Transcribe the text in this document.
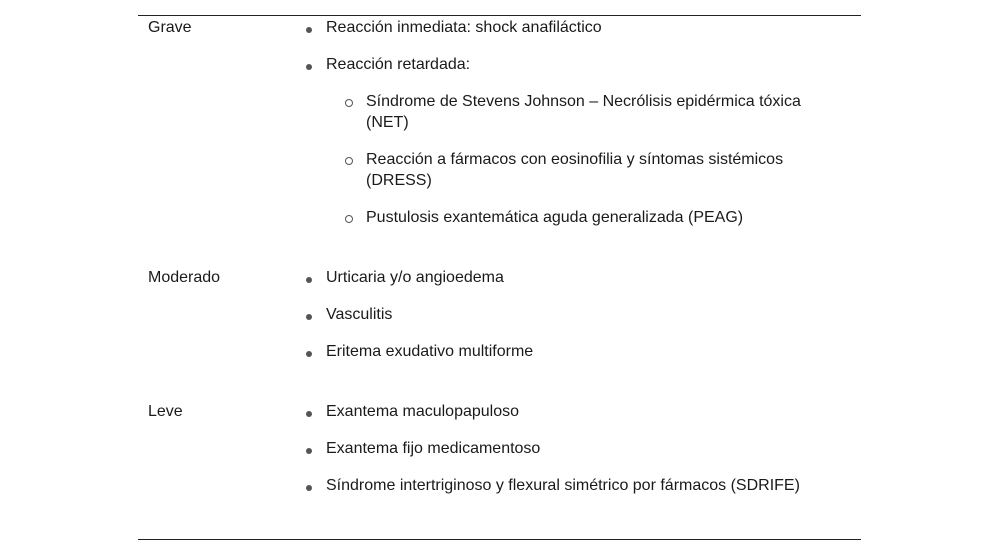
Grave	Reacción inmediata: shock anafiláctico
Reacción retardada:
Síndrome de Stevens Johnson – Necrólisis epidérmica tóxica (NET)
Reacción a fármacos con eosinofilia y síntomas sistémicos (DRESS)
Pustulosis exantemática aguda generalizada (PEAG)
Moderado	Urticaria y/o angioedema
Vasculitis
Eritema exudativo multiforme
Leve	Exantema maculopapuloso
Exantema fijo medicamentoso
Síndrome intertriginoso y flexural simétrico por fármacos (SDRIFE)
